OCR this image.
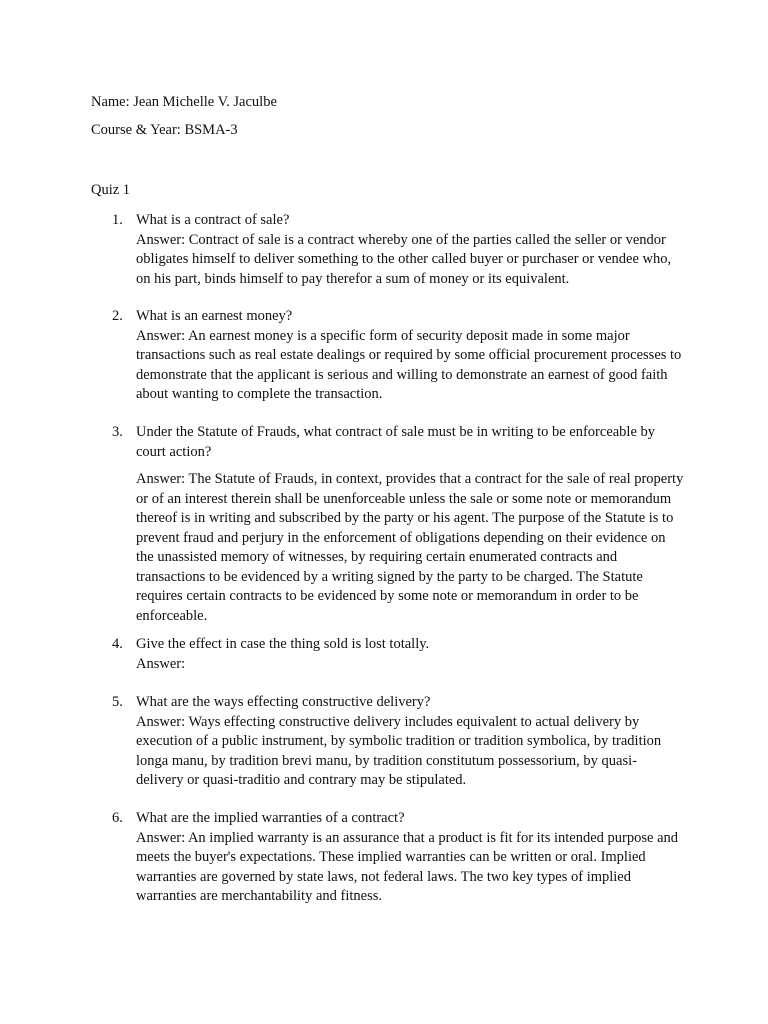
Name: Jean Michelle V. Jaculbe
Course & Year: BSMA-3
Quiz 1
1. What is a contract of sale?
Answer: Contract of sale is a contract whereby one of the parties called the seller or vendor obligates himself to deliver something to the other called buyer or purchaser or vendee who, on his part, binds himself to pay therefor a sum of money or its equivalent.
2. What is an earnest money?
Answer: An earnest money is a specific form of security deposit made in some major transactions such as real estate dealings or required by some official procurement processes to demonstrate that the applicant is serious and willing to demonstrate an earnest of good faith about wanting to complete the transaction.
3. Under the Statute of Frauds, what contract of sale must be in writing to be enforceable by court action?
Answer: The Statute of Frauds, in context, provides that a contract for the sale of real property or of an interest therein shall be unenforceable unless the sale or some note or memorandum thereof is in writing and subscribed by the party or his agent. The purpose of the Statute is to prevent fraud and perjury in the enforcement of obligations depending on their evidence on the unassisted memory of witnesses, by requiring certain enumerated contracts and transactions to be evidenced by a writing signed by the party to be charged. The Statute requires certain contracts to be evidenced by some note or memorandum in order to be enforceable.
4. Give the effect in case the thing sold is lost totally.
Answer:
5. What are the ways effecting constructive delivery?
Answer: Ways effecting constructive delivery includes equivalent to actual delivery by execution of a public instrument, by symbolic tradition or tradition symbolica, by tradition longa manu, by tradition brevi manu, by tradition constitutum possessorium, by quasi-delivery or quasi-traditio and contrary may be stipulated.
6. What are the implied warranties of a contract?
Answer: An implied warranty is an assurance that a product is fit for its intended purpose and meets the buyer's expectations. These implied warranties can be written or oral. Implied warranties are governed by state laws, not federal laws. The two key types of implied warranties are merchantability and fitness.
